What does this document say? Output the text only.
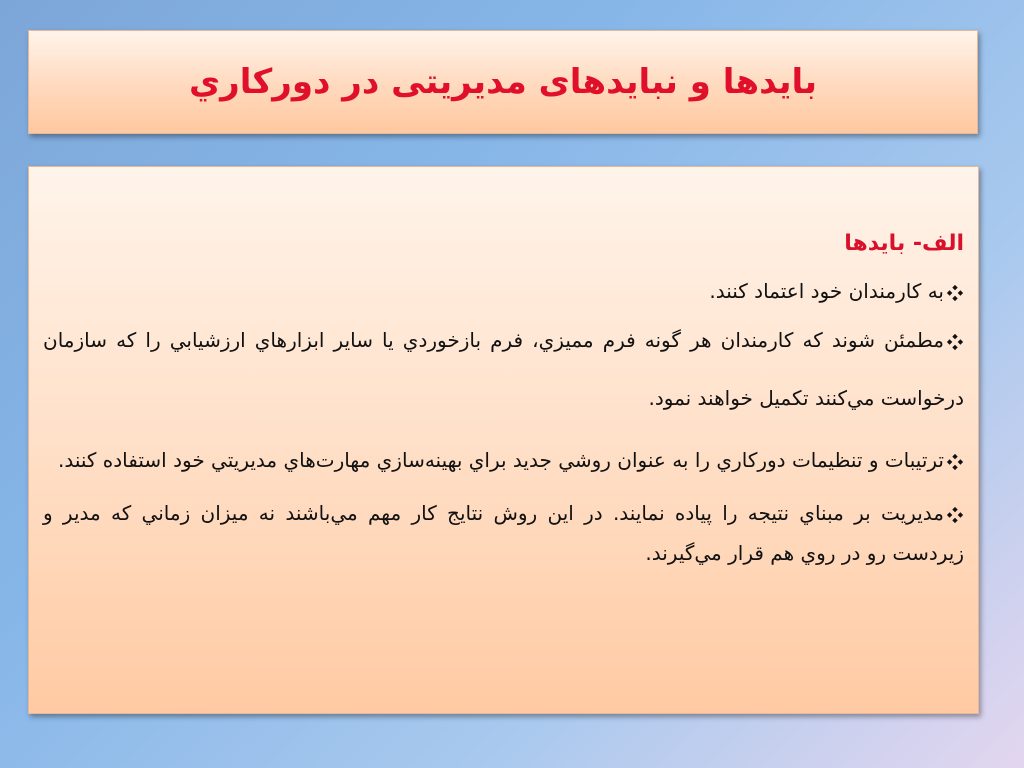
بایدها و نبایدهای مدیریتی در دورکاري
الف- بایدها
به کارمندان خود اعتماد کنند.
مطمئن شوند که کارمندان هر گونه فرم مميزي، فرم بازخوردي يا ساير ابزارهاي ارزشيابي را که سازمان درخواست مي‌کنند تکميل خواهند نمود.
ترتيبات و تنظيمات دورکاري را به عنوان روشي جديد براي بهينه‌سازي مهارت‌هاي مديريتي خود استفاده کنند.
مديريت بر مبناي نتيجه را پياده نمايند. در اين روش نتايج کار مهم مي‌باشند نه ميزان زماني که مدير و زيردست رو در روي هم قرار مي‌گيرند.
